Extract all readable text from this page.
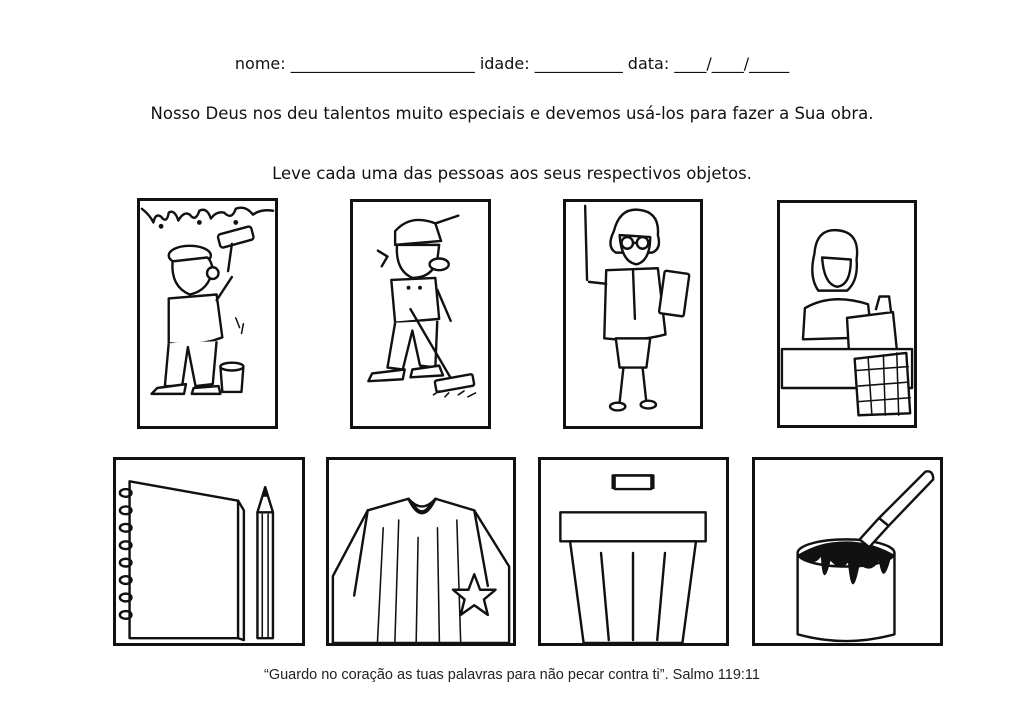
nome: _______________________ idade: ___________ data: ____/____/_____
Nosso Deus nos deu talentos muito especiais e devemos usá-los para fazer a Sua obra.
Leve cada uma das pessoas aos seus respectivos objetos.
“Guardo no coração as tuas palavras para não pecar contra ti”. Salmo 119:11
